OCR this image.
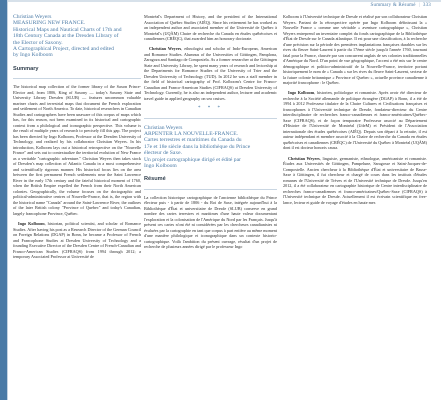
Summary & Résumé | 333
Christian Weyers
MEASURING NEW FRANCE.
Historical Maps and Nautical Charts of 17th and
18th Century Canada at the Dresden Library of
the Elector of Saxony.
A Cartographical Project, directed and edited
by Ingo Kolboom
Summary

The historical map collection of the former library of the Saxon Prince-Elector and, from 1806, King of Saxony — today's Saxony State and University Library Dresden (SLUB) — features uncommon valuable mariner charts and terrestrial maps that document the French exploration and settlement of North America. To date, historical researchers in Canadian Studies and cartographers have been unaware of this corpus of maps which has, for this reason, not been examined in its historical and cartographic context from a philological and iconographic perspective. This volume is the result of multiple years of research to precisely fill this gap. The project has been directed by Ingo Kolboom, Professor at the Dresden University of Technology, and realized by his collaborator Christian Weyers. In his introduction, Kolboom lays out a historical retrospective on the "Nouvelle France" and sets out to contextualize the territorial evolution of New France as a veritable "cartographic adventure." Christian Weyers then takes stock of Dresden's map collection of Atlantic Canada in a most comprehensive and scientifically rigorous manner. His historical focus lies on the area between the first permanent French settlements near the Saint Lawrence River in the early 17th century and the fateful historical moment of 1760, when the British Empire expelled the French from their North American colonies. Geographically, the volume focuses on the doctographic and political-administrative centres of Nouvelle-France, that is, the region with the historical name "Canada" around the Saint-Lawrence River, the outlines of the later British colony "Province of Quebec" and today's Canadian, largely francophone Province, Québec.

Ingo Kolboom, historian, political scientist, and scholar of Romance Studies. After having his post as a Research Director of the German Council on Foreign Relations (DGAP) in Bonn, he became a Professor of French and Francophone Studies at Dresden University of Technology and a founding Executive Director of the Dresden Centre of French-Canadian and Franco-American Studies (CIFRAQS) from 1994 through 2012; a temporary Associated Professor at Université de

Montréal's Department of History, and the president of the International Association of Québec Studies (AIÉQ). Since his retirement he has worked as an independent author and associated member of the Université de Québec à Montréal's (UQÀM) Chaire de recherche du Canada en études québécoises et canadiennes (CRÉQC), that awarded him an honorary doctorate.

Christian Weyers, ethnologist and scholar of Indo-European, American and Romance Studies. Alumnus of the Universities of Göttingen, Pamplona, Zaragoza and Santiago de Compostela. As a former researcher at the Göttingen State and University Library, he spent many years of research and lectorship at the Departments for Romance Studies of the University of Trier and the Dresden University of Technology (TUD). In 2012 he was a staff member in the field of historical cartography of Prof. Kolboom's Centre for Franco-Canadian and Franco-American Studies (CIFRAQS) at Dresden University of Technology. Currently, he is also an independent author, lecturer and academic travel guide in applied geography on sea cruises.

* * *
Christian Weyers
ARPENTER LA NOUVELLE-FRANCE.
Cartes terrestres et maritimes du Canada du
17e et 18e siècle dans la bibliothèque du Prince
électeur de Saxe.
Un projet cartographique dirigé et édité par
Ingo Kolboom
Résumé

La collection historique cartographique de l'ancienne bibliothèque du Prince électeur puis - à partir de 1806 - du Roi de Saxe, intégrée aujourd'hui à la Bibliothèque d'État et universitaire de Dresde (SLUB) conserve en grand nombre des cartes terrestres et maritimes d'une haute valeur documentant l'exploration et la colonisation de l'Amérique du Nord par les Français. Jusqu'à présent ces cartes n'ont été ni considérées par les chercheurs canadianistes ni évaluées par la cartographie en tant que corpus à part entière au même moment d'une manière philologique et iconographique dans un contexte historio-cartographique. Voilà l'ambition du présent ouvrage, résultat d'un projet de recherche de plusieurs années dirigé par le professeur Ingo

Kolboom à l'Université technique de Dresde et réalisé par son collaborateur Christian Weyers. Partant de la rétrospective opérée par Ingo Kolboom définissant la « Nouvelle France » comme une véritable « aventure cartographique », Christian Weyers entreprend un inventaire complet du fonds cartographique de la Bibliothèque d'État de Dresde sur le Canada atlantique. Il est pour une classification, à la recherche d'une précision sur la période des premières implantations françaises durables sur les rives du fleuve Saint-Laurent à partir du 17ème siècle jusqu'à l'année 1760, tournant fatal pour la France, chassée par son concurrent anglais de ses colonies traditionnelles d'Amérique du Nord. D'un point de vue géographique, l'accent a été mis sur le centre démographique et politico-administratif de la Nouvelle-France, territoire portant historiquement le nom de « Canada » sur les rives du fleuve Saint-Laurent, secteur de la future colonie britannique « Province of Quebec », actuelle province canadienne à majorité francophone : le Québec.

Ingo Kolboom, historien, politologue et romaniste. Après avoir été directeur de recherche à la Société allemande de politique étrangère (DGAP) à Bonn, il a été de 1994 à 2012 Professeur titulaire de la Chaire Cultures et Civilisations françaises et francophones à l'Université technique de Dresde, fondateur-directeur du Centre interdisciplinaire de recherches franco-canadiennes et franco-américaines/Québec-Saxe (CIFRAQS), et de façon temporaire Professeur associé au Département d'Histoire de l'Université de Montréal (UdeM) et Président de l'Association internationale des études québécoises (AIÉQ). Depuis son départ à la retraite, il est auteur indépendant et membre associé à la Chaire de recherche du Canada en études québécoises et canadiennes (CRÉQC) de l'Université du Québec à Montréal (UQÀM) dont il est docteur honoris causa.

Christian Weyers, linguiste, germaniste, ethnologue, américaniste et romaniste. Études aux Universités de Göttingen, Pampelune, Saragosse et Saint-Jacques-de-Compostelle. Ancien chercheur à la Bibliothèque d'État et universitaire de Basse-Saxe à Göttingen, il fut chercheur et chargé de cours dans les instituts d'études romanes de l'Université de Trèves et de l'Université technique de Dresde. Jusqu'en 2012, il a été collaborateur en cartographie historique de Centre interdisciplinaire de recherches franco-canadiennes et franco-américaines/Québec-Saxe (CIFRAQS) à l'Université technique de Dresde. Actuellement il est écrivain scientifique en free-lance, lecteur et guide de voyage d'études en haute mer.
